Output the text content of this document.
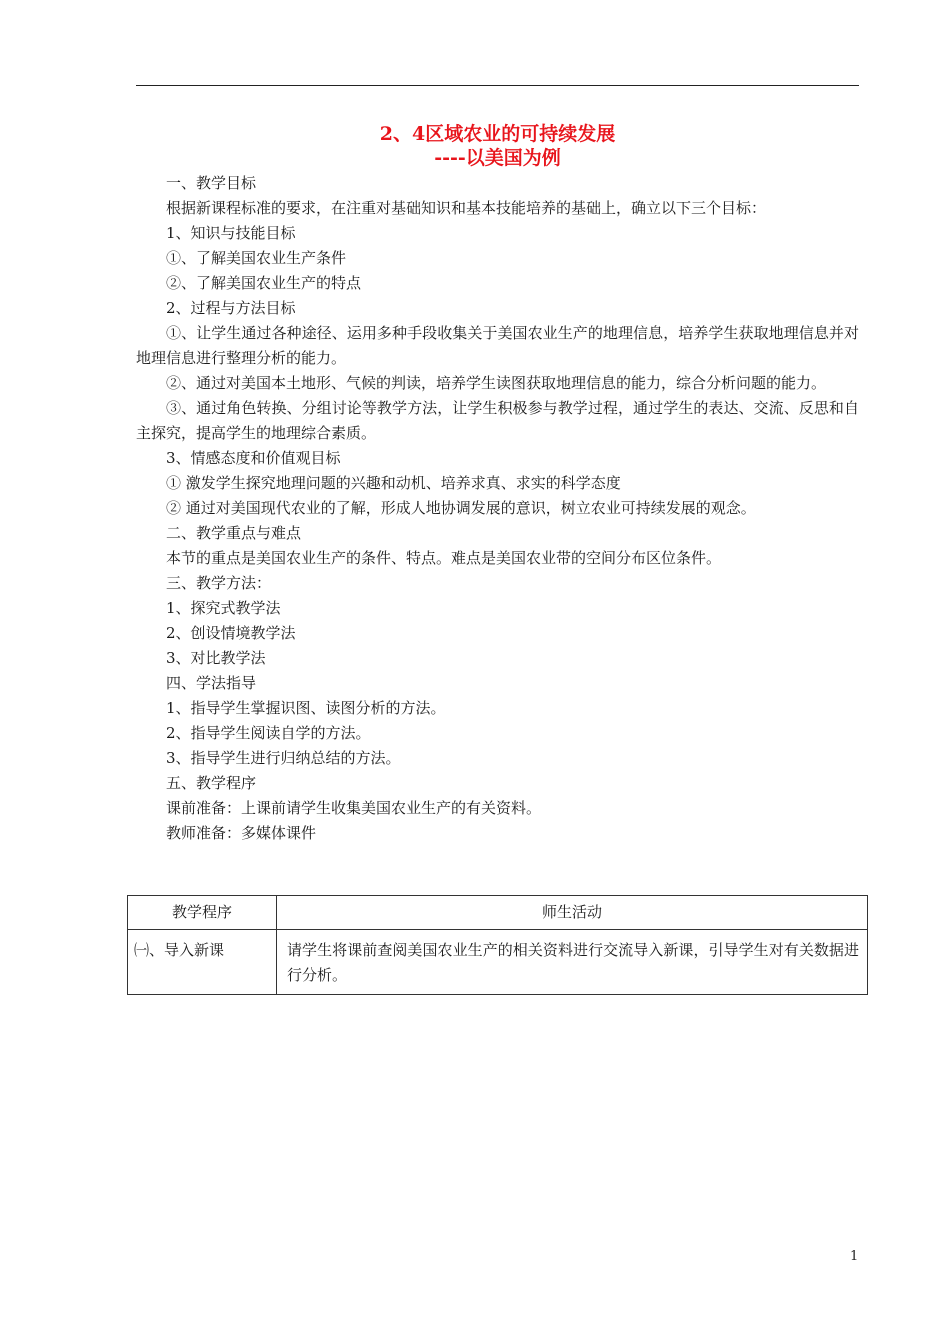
2、4区域农业的可持续发展
----以美国为例

一、教学目标

根据新课程标准的要求，在注重对基础知识和基本技能培养的基础上，确立以下三个目标：

1、知识与技能目标

①、了解美国农业生产条件

②、了解美国农业生产的特点

2、过程与方法目标

①、让学生通过各种途径、运用多种手段收集关于美国农业生产的地理信息，培养学生获取地理信息并对地理信息进行整理分析的能力。

②、通过对美国本土地形、气候的判读，培养学生读图获取地理信息的能力，综合分析问题的能力。

③、通过角色转换、分组讨论等教学方法，让学生积极参与教学过程，通过学生的表达、交流、反思和自主探究，提高学生的地理综合素质。

3、情感态度和价值观目标

① 激发学生探究地理问题的兴趣和动机、培养求真、求实的科学态度

② 通过对美国现代农业的了解，形成人地协调发展的意识，树立农业可持续发展的观念。

二、教学重点与难点

本节的重点是美国农业生产的条件、特点。难点是美国农业带的空间分布区位条件。

三、教学方法：

1、探究式教学法

2、创设情境教学法

3、对比教学法

四、学法指导

1、指导学生掌握识图、读图分析的方法。

2、指导学生阅读自学的方法。

3、指导学生进行归纳总结的方法。

五、教学程序

课前准备：上课前请学生收集美国农业生产的有关资料。

教师准备：多媒体课件

教学程序	师生活动
㈠、导入新课	请学生将课前查阅美国农业生产的相关资料进行交流导入新课，引导学生对有关数据进行分析。
1
